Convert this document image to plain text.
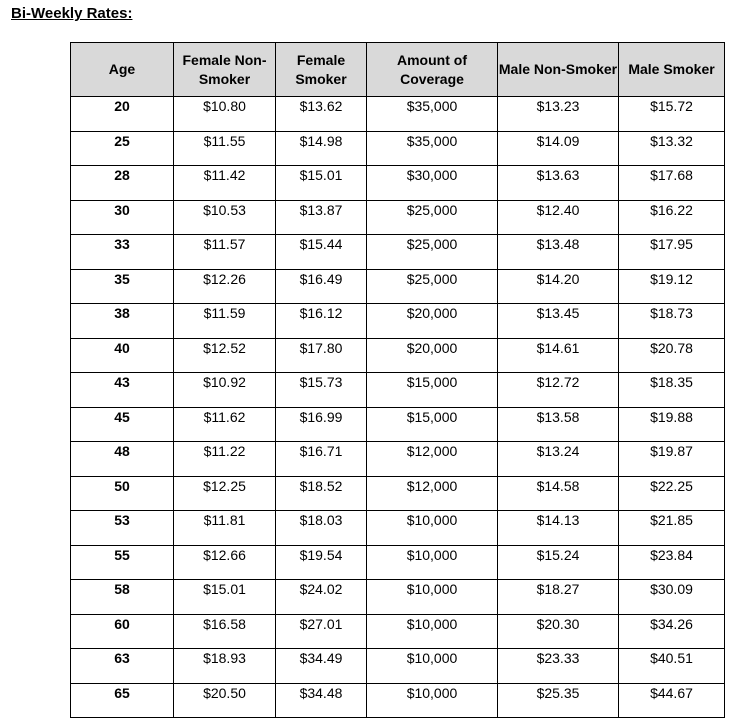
Bi-Weekly Rates:
Age	Female Non-Smoker	Female Smoker	Amount of Coverage	Male Non-Smoker	Male Smoker
20	$10.80	$13.62	$35,000	$13.23	$15.72
25	$11.55	$14.98	$35,000	$14.09	$13.32
28	$11.42	$15.01	$30,000	$13.63	$17.68
30	$10.53	$13.87	$25,000	$12.40	$16.22
33	$11.57	$15.44	$25,000	$13.48	$17.95
35	$12.26	$16.49	$25,000	$14.20	$19.12
38	$11.59	$16.12	$20,000	$13.45	$18.73
40	$12.52	$17.80	$20,000	$14.61	$20.78
43	$10.92	$15.73	$15,000	$12.72	$18.35
45	$11.62	$16.99	$15,000	$13.58	$19.88
48	$11.22	$16.71	$12,000	$13.24	$19.87
50	$12.25	$18.52	$12,000	$14.58	$22.25
53	$11.81	$18.03	$10,000	$14.13	$21.85
55	$12.66	$19.54	$10,000	$15.24	$23.84
58	$15.01	$24.02	$10,000	$18.27	$30.09
60	$16.58	$27.01	$10,000	$20.30	$34.26
63	$18.93	$34.49	$10,000	$23.33	$40.51
65	$20.50	$34.48	$10,000	$25.35	$44.67
